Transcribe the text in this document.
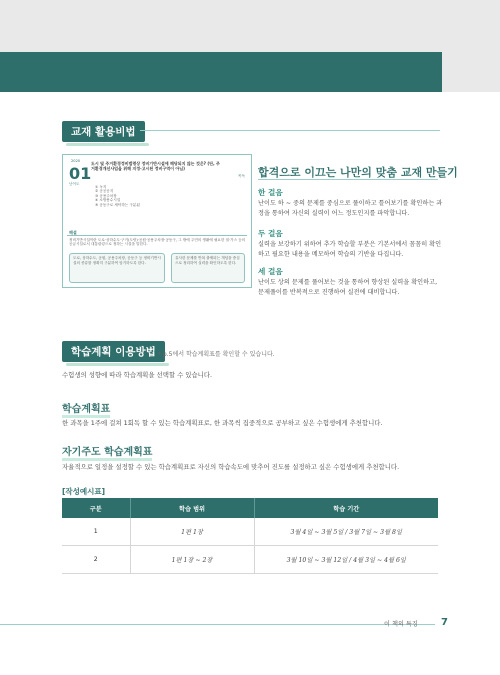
교재 활용비법
2020
01
난이도
도시 및 주거환경정비법령상 정비기반시설에 해당되지 않는 것은? (단, 주거환경개선사업을 위해 지정·고시된 정비구역이 아님)
목독
① 녹지
② 공공공지
③ 공용주차장
④ 소방용수시설
⑤ 공동구로 세탁하는 구분됨
해설
정비기반시설이란 도로·상하수도·구거(도랑)·공원·공용주차장·공동구, 그 밖에 주민의 생활에 필요한 열·가스 등의 공급시설로서 대통령령으로 정하는 시설을 말한다.
도로, 상하수도, 공원, 공용주차장, 공동구 등 정비기반시설의 종류를 정확히 구분하여 암기하도록 한다.
유사한 문제를 반복 출제되는 개념을 중심으로 정리하여 실력을 확인하도록 한다.
합격으로 이끄는 나만의 맞춤 교재 만들기
한 걸음
난이도 하 ~ 중의 문제를 중심으로 풀이하고 틀어보기를 확인하는 과정을 통하여 자신의 실력이 어느 정도인지를 파악합니다.
두 걸음
실력을 보강하기 위하여 추가 학습할 부분은 기본서에서 꼼꼼히 확인하고 필요한 내용을 메모하여 학습의 기반을 다집니다.
세 걸음
난이도 상의 문제를 풀어보는 것을 통하여 향상된 실력을 확인하고, 문제풀이를 반복적으로 진행하여 실전에 대비합니다.
학습계획 이용방법 * p.5에서 학습계획표를 확인할 수 있습니다.
수험생의 성향에 따라 학습계획을 선택할 수 있습니다.
학습계획표
한 과목을 1주에 걸쳐 1회독 할 수 있는 학습계획표로, 한 과목씩 집중적으로 공부하고 싶은 수험생에게 추천합니다.
자기주도 학습계획표
자율적으로 일정을 설정할 수 있는 학습계획표로 자신의 학습속도에 맞추어 진도를 설정하고 싶은 수험생에게 추천합니다.
[작성예시표]
구분	학습 범위	학습 기간
1	1편 1장	3월 4일 ~ 3월 5일 / 3월 7일 ~ 3월 8일
2	1편 1장 ~ 2장	3월 10일 ~ 3월 12일 / 4월 3일 ~ 4월 6일
이 책의 특징 7
